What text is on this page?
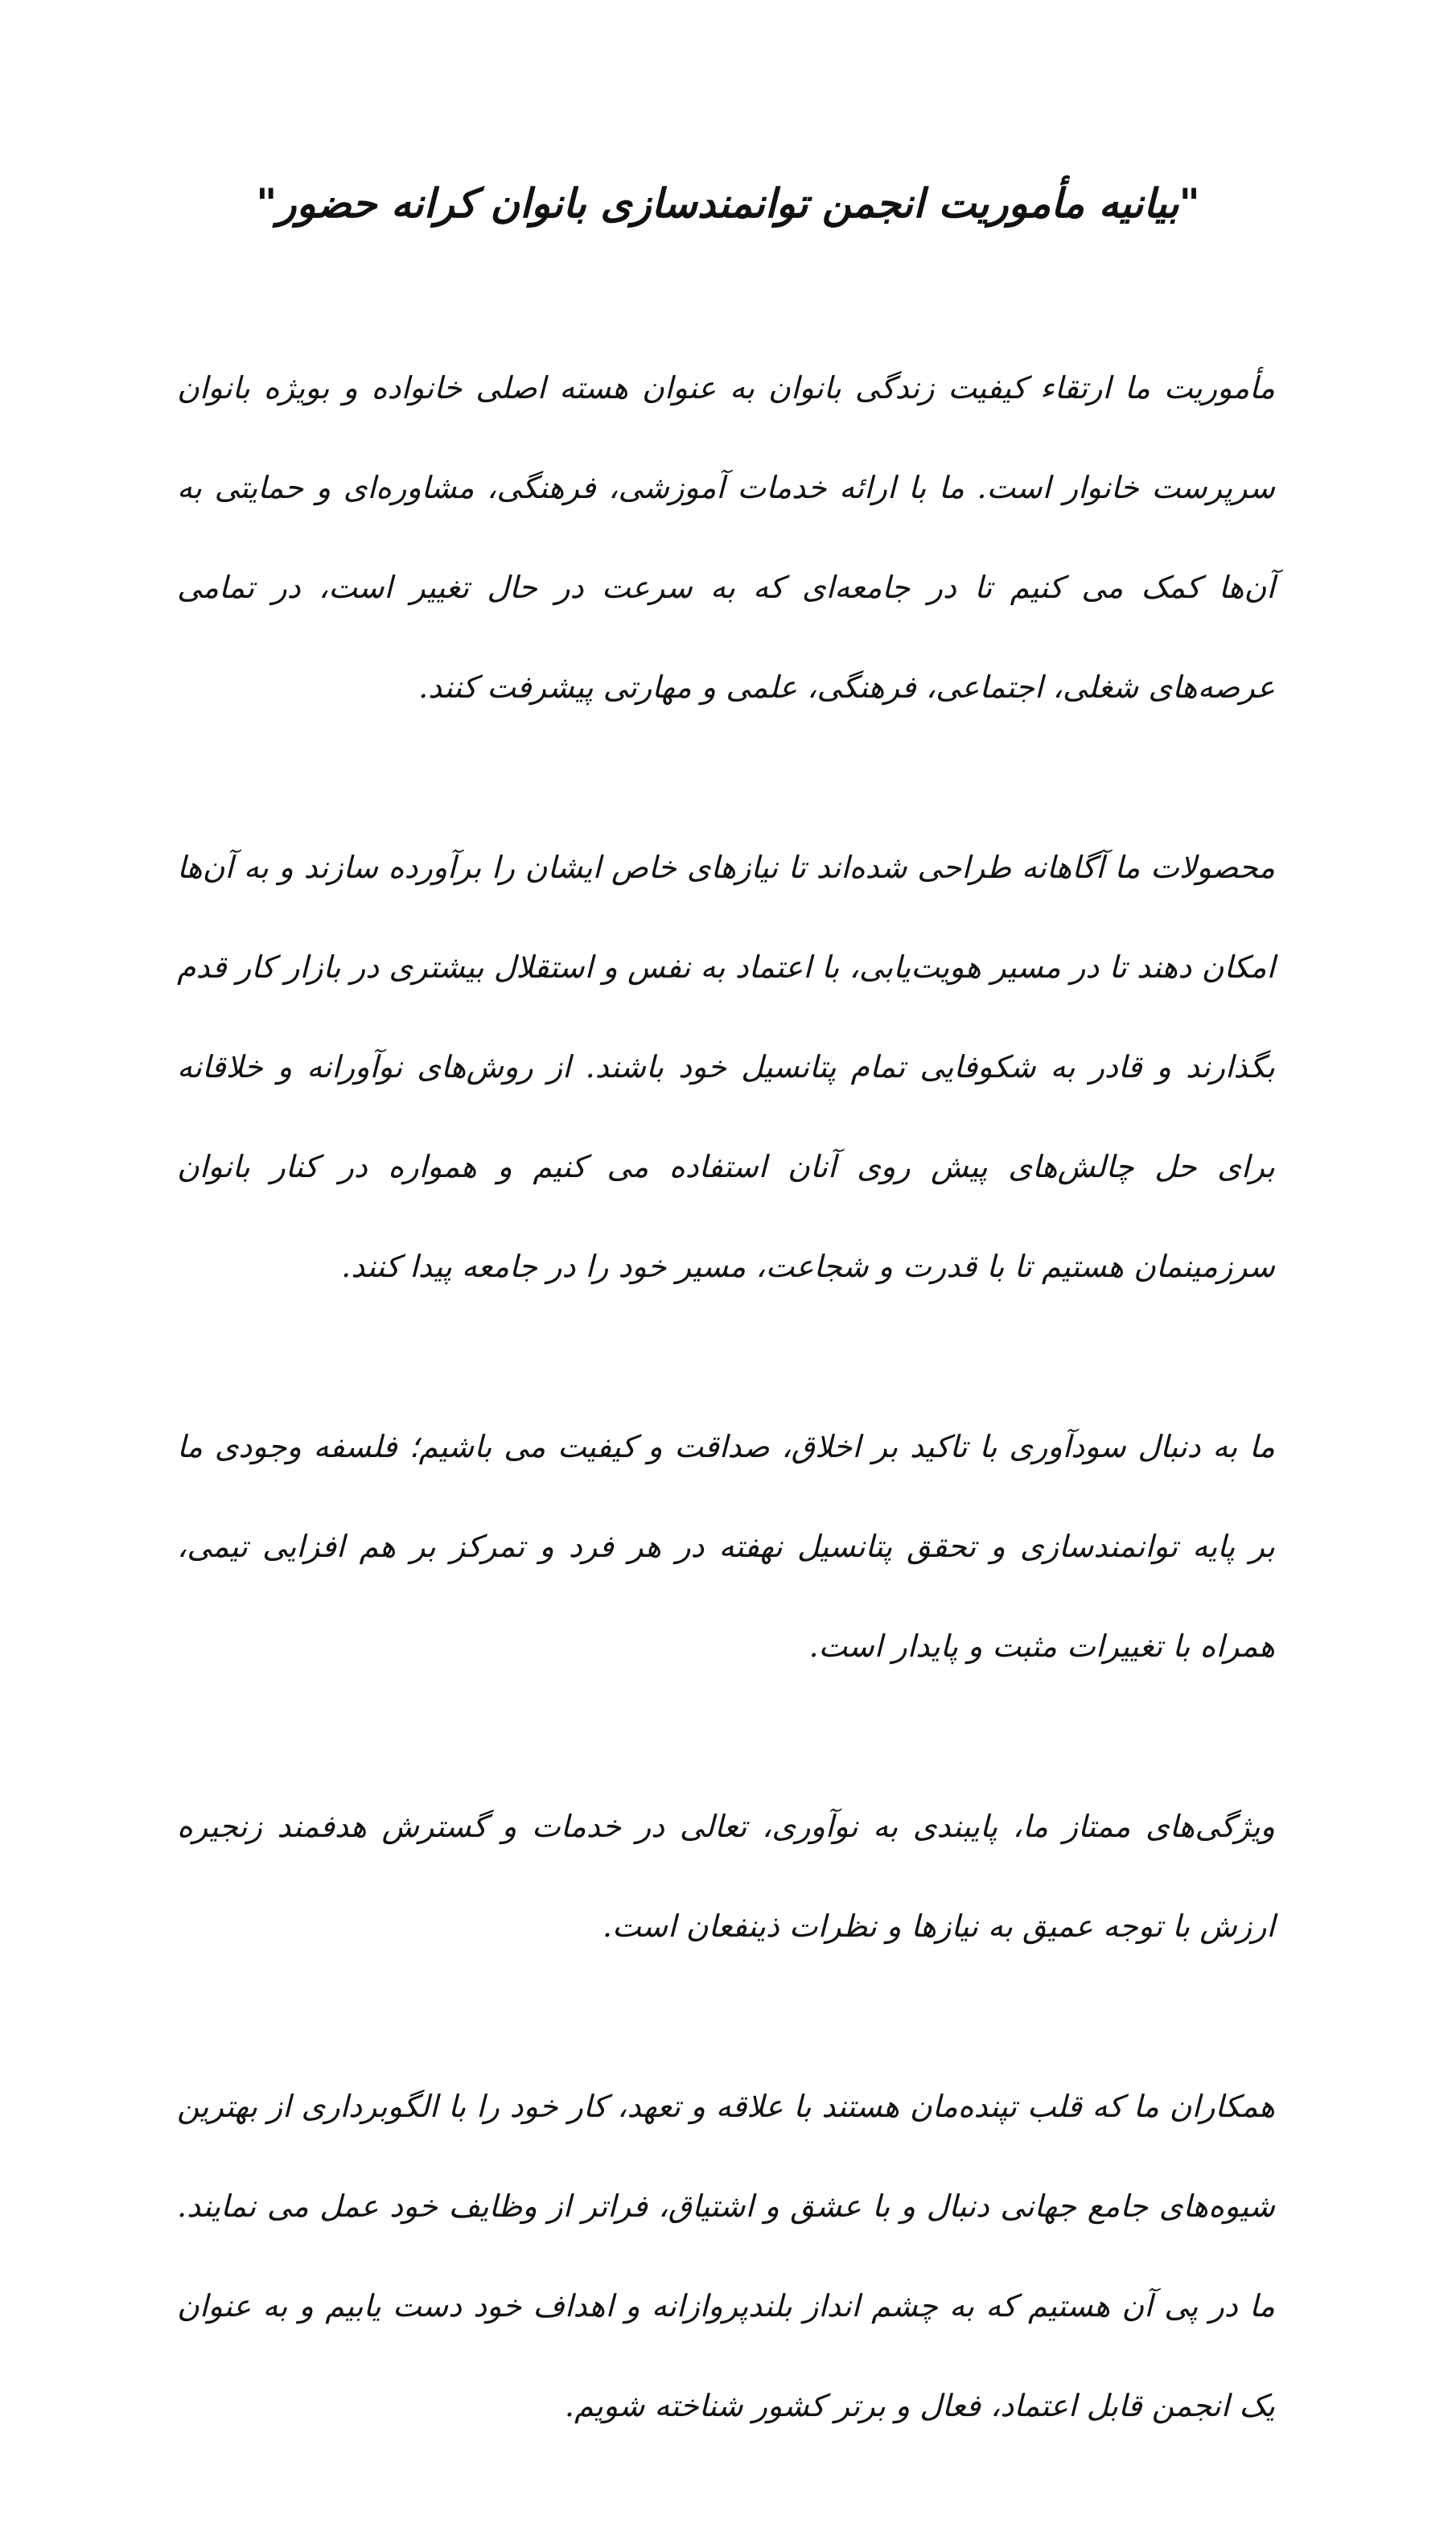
"بیانیه مأموریت انجمن توانمندسازی بانوان کرانه حضور"

مأموریت ما ارتقاء کیفیت زندگی بانوان به عنوان هسته اصلی خانواده و بویژه بانوان سرپرست خانوار است. ما با ارائه خدمات آموزشی، فرهنگی، مشاوره‌ای و حمایتی به آن‌ها کمک می کنیم تا در جامعه‌ای که به سرعت در حال تغییر است، در تمامی عرصه‌های شغلی، اجتماعی، فرهنگی، علمی و مهارتی پیشرفت کنند.

محصولات ما آگاهانه طراحی شده‌اند تا نیازهای خاص ایشان را برآورده سازند و به آن‌ها امکان دهند تا در مسیر هویت‌یابی، با اعتماد به نفس و استقلال بیشتری در بازار کار قدم بگذارند و قادر به شکوفایی تمام پتانسیل خود باشند. از روش‌های نوآورانه و خلاقانه برای حل چالش‌های پیش روی آنان استفاده می کنیم و همواره در کنار بانوان سرزمینمان هستیم تا با قدرت و شجاعت، مسیر خود را در جامعه پیدا کنند.

ما به دنبال سودآوری با تاکید بر اخلاق، صداقت و کیفیت می باشیم؛ فلسفه وجودی ما بر پایه توانمندسازی و تحقق پتانسیل نهفته در هر فرد و تمرکز بر هم افزایی تیمی، همراه با تغییرات مثبت و پایدار است.

ویژگی‌های ممتاز ما، پایبندی به نوآوری، تعالی در خدمات و گسترش هدفمند زنجیره ارزش با توجه عمیق به نیازها و نظرات ذینفعان است.

همکاران ما که قلب تپنده‌مان هستند با علاقه و تعهد، کار خود را با الگوبرداری از بهترین شیوه‌های جامع جهانی دنبال و با عشق و اشتیاق، فراتر از وظایف خود عمل می نمایند. ما در پی آن هستیم که به چشم انداز بلندپروازانه و اهداف خود دست یابیم و به عنوان یک انجمن قابل اعتماد، فعال و برتر کشور شناخته شویم.
